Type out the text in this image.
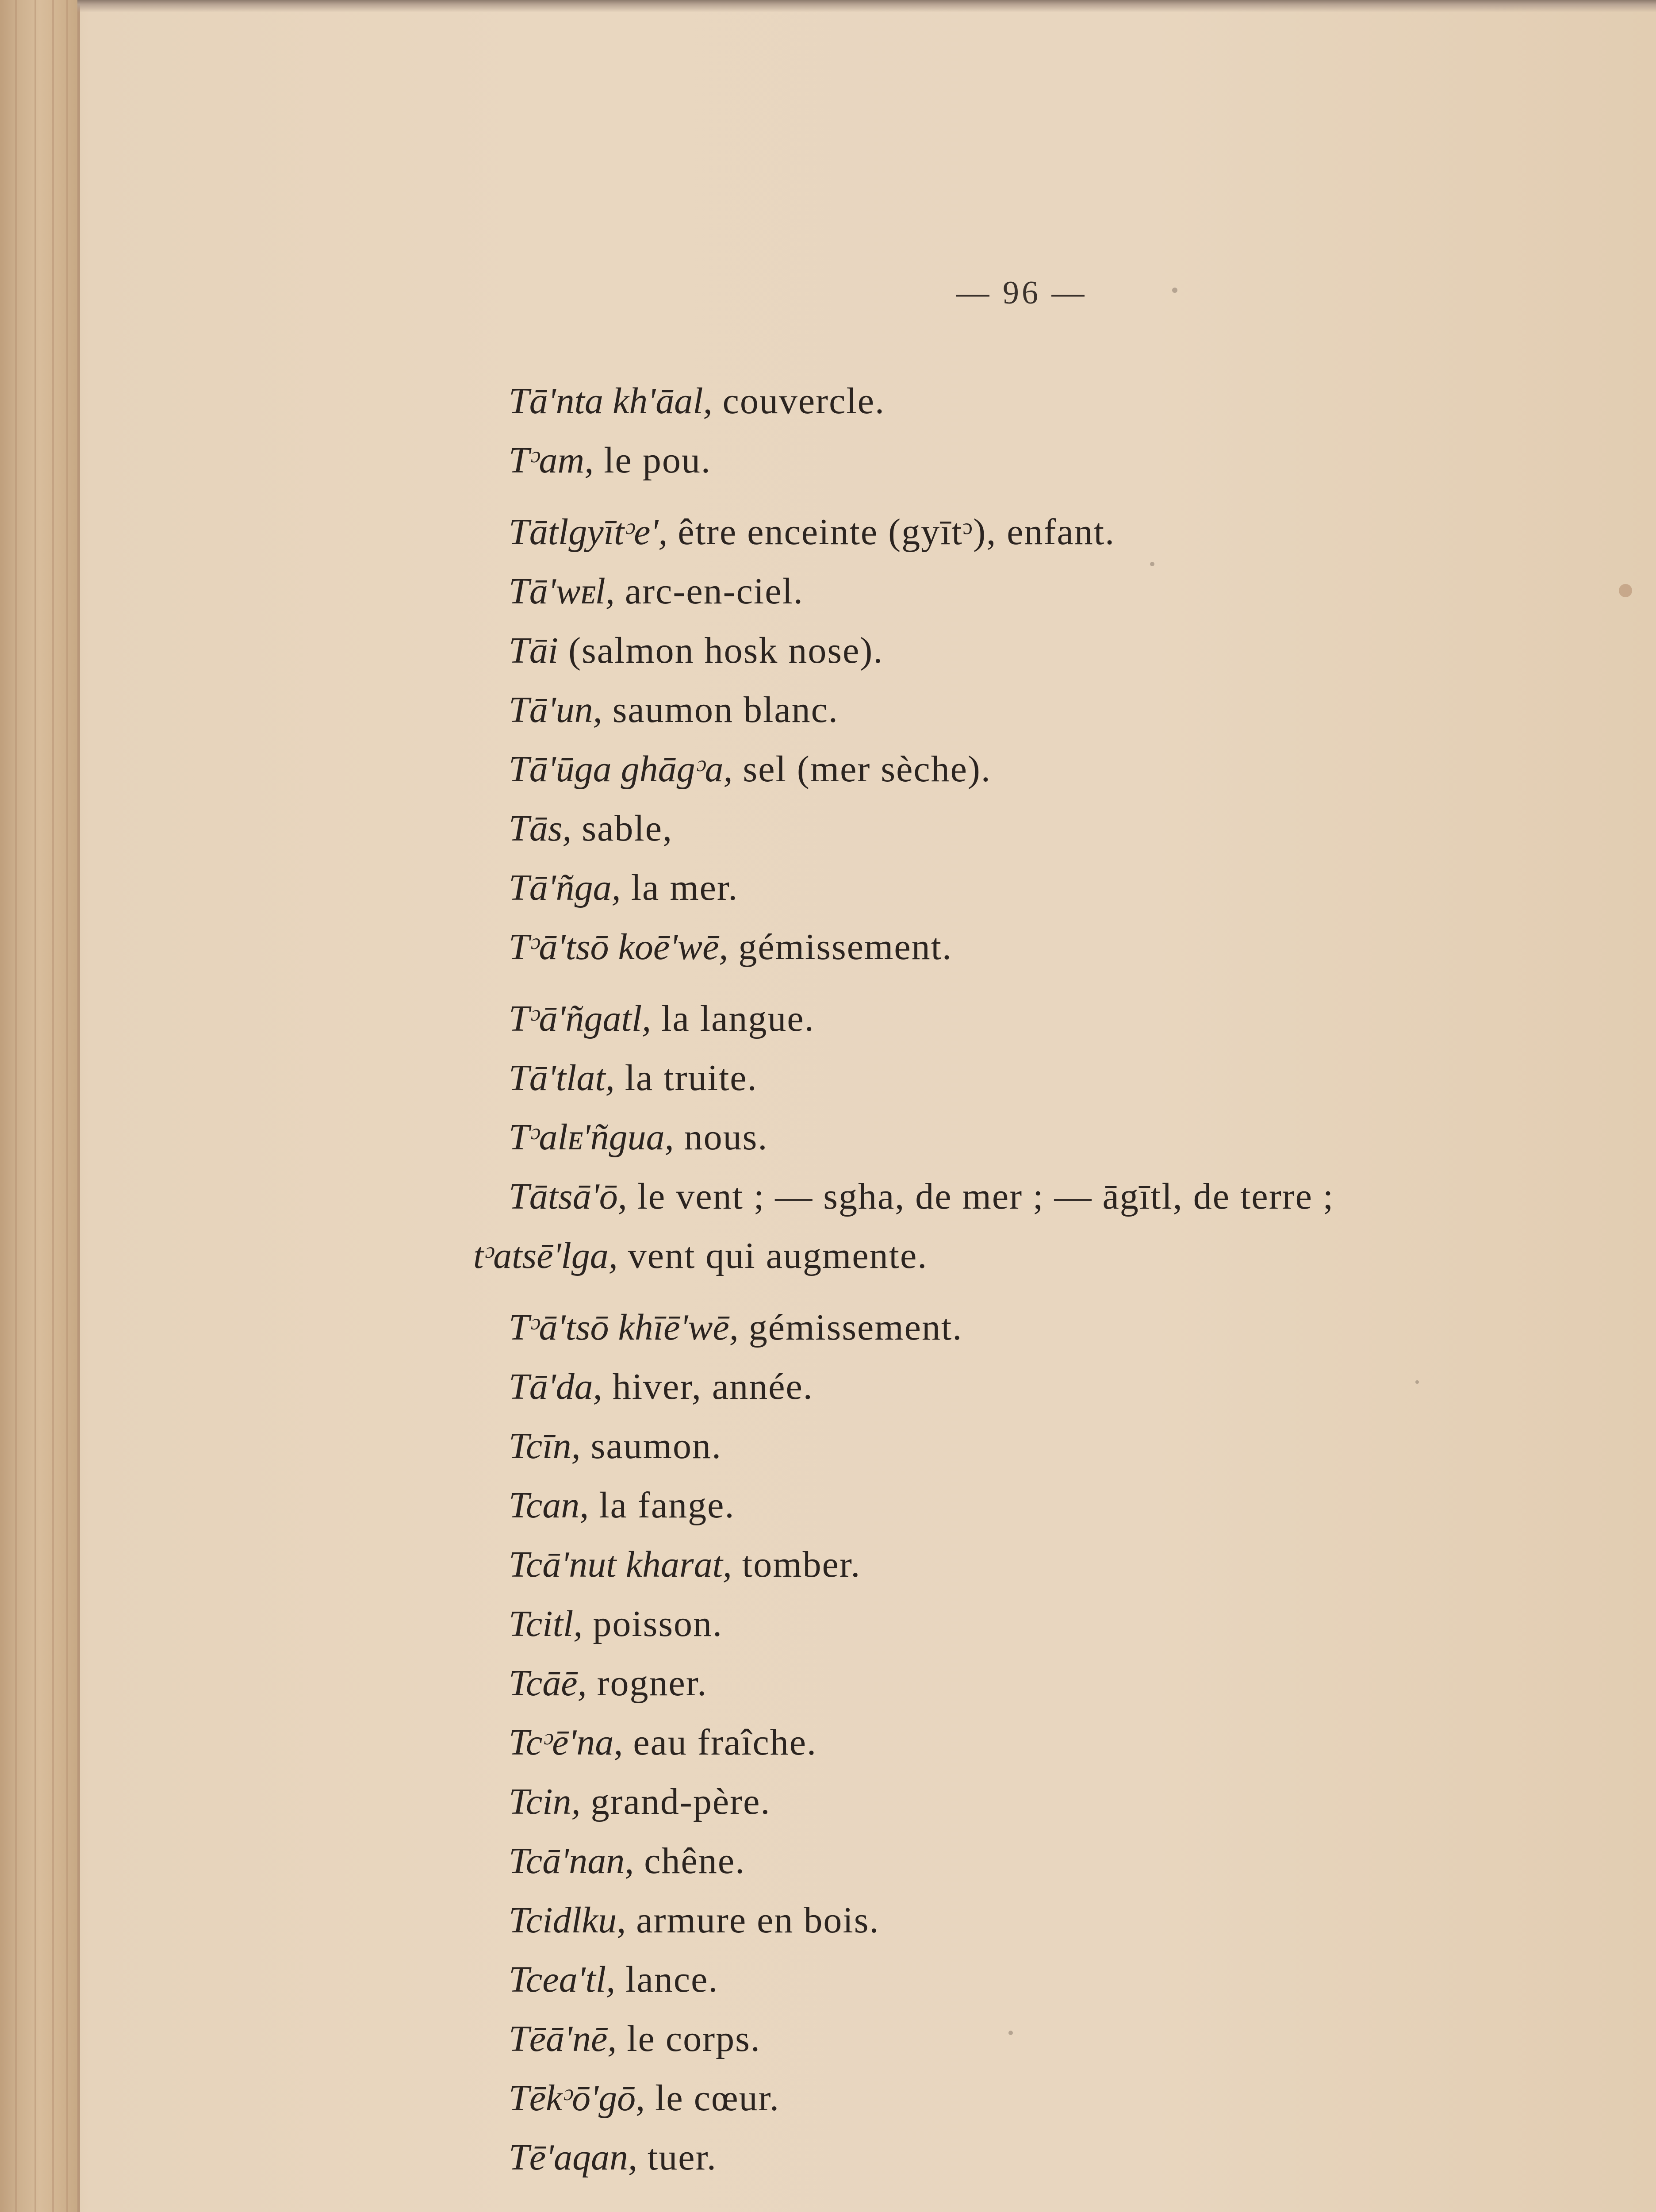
— 96 —
Tā'nta kh'āal, couvercle.
Tᵓam, le pou.
Tātlgyītᵓe', être enceinte (gyītᵓ), enfant.
Tā'wᴇl, arc-en-ciel.
Tāi (salmon hosk nose).
Tā'un, saumon blanc.
Tā'ūga ghāgᵓa, sel (mer sèche).
Tās, sable,
Tā'ñga, la mer.
Tᵓā'tsō koē'wē, gémissement.
Tᵓā'ñgatl, la langue.
Tā'tlat, la truite.
Tᵓalᴇ'ñgua, nous.
Tātsā'ō, le vent ; — sgha, de mer ; — āgītl, de terre ;
tᵓatsē'lga, vent qui augmente.
Tᵓā'tsō khīē'wē, gémissement.
Tā'da, hiver, année.
Tcīn, saumon.
Tcan, la fange.
Tcā'nut kharat, tomber.
Tcitl, poisson.
Tcāē, rogner.
Tcᵓē'na, eau fraîche.
Tcin, grand-père.
Tcā'nan, chêne.
Tcidlku, armure en bois.
Tcea'tl, lance.
Tēā'nē, le corps.
Tēkᵓō'gō, le cœur.
Tē'aqan, tuer.
